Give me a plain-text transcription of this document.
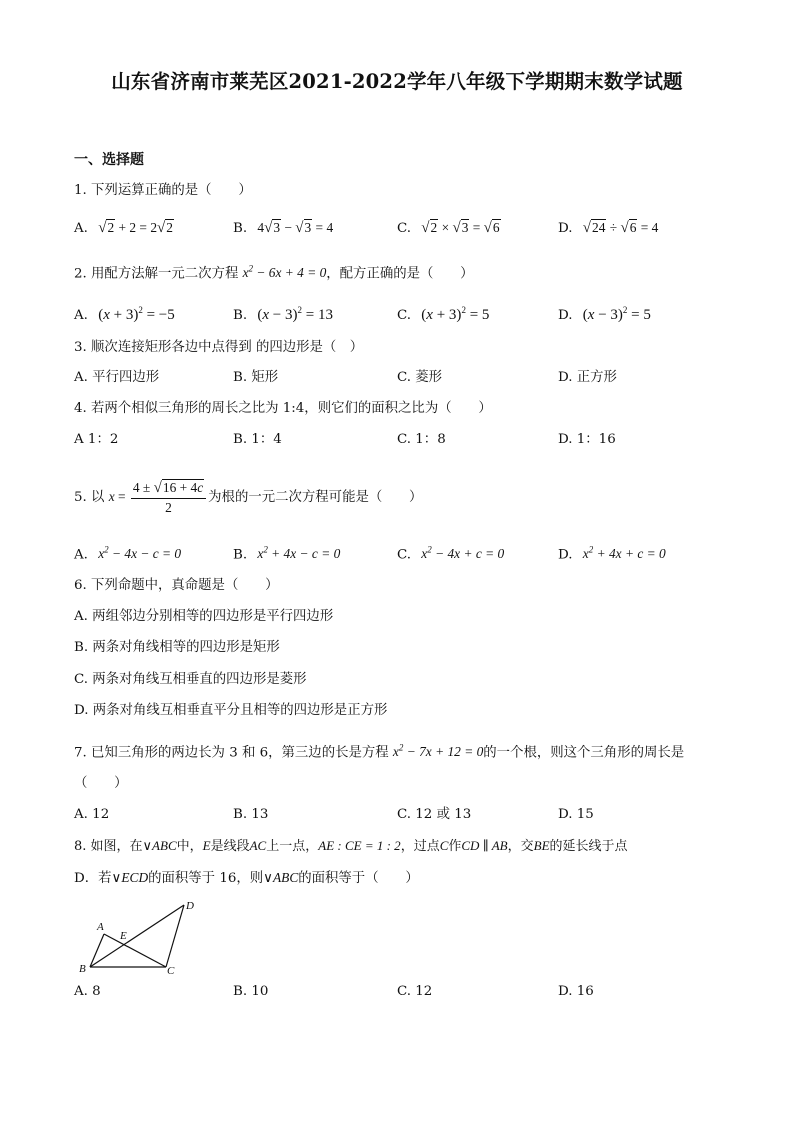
山东省济南市莱芜区2021-2022学年八年级下学期期末数学试题
一、选择题
1. 下列运算正确的是（　　）
A. √2 + 2 = 2√2	B. 4√3 − √3 = 4	C. √2 × √3 = √6	D. √24 ÷ √6 = 4
2. 用配方法解一元二次方程 $x^2 - 6x + 4 = 0$，配方正确的是（　　）
A. $(x + 3)^2 = -5$	B. $(x - 3)^2 = 13$	C. $(x + 3)^2 = 5$	D. $(x - 3)^2 = 5$
3. 顺次连接矩形各边中点得到 的四边形是（　）
A. 平行四边形	B. 矩形	C. 菱形	D. 正方形
4. 若两个相似三角形的周长之比为 1:4，则它们的面积之比为（　　）
A 1：2	B. 1：4	C. 1：8	D. 1：16
5. 以 $x = \frac{4 \pm √16 + 4c}{2}$ 为根的一元二次方程可能是（　　）
A. $x^2 - 4x - c = 0$	B. $x^2 + 4x - c = 0$	C. $x^2 - 4x + c = 0$	D. $x^2 + 4x + c = 0$
6. 下列命题中，真命题是（　　）
A. 两组邻边分别相等的四边形是平行四边形
B. 两条对角线相等的四边形是矩形
C. 两条对角线互相垂直的四边形是菱形
D. 两条对角线互相垂直平分且相等的四边形是正方形
7. 已知三角形的两边长为 3 和 6，第三边的长是方程 $x^2 - 7x + 12 = 0$的一个根，则这个三角形的周长是
（　　）
A. 12	B. 13	C. 12 或 13	D. 15
8. 如图，在∨ABC中，E是线段AC上一点，AE : CE = 1 : 2，过点C作CD ∥ AB，交BE的延长线于点
D．若∨ECD的面积等于 16，则∨ABC的面积等于（　　）
A
E
D
B	C
A. 8	B. 10	C. 12	D. 16
